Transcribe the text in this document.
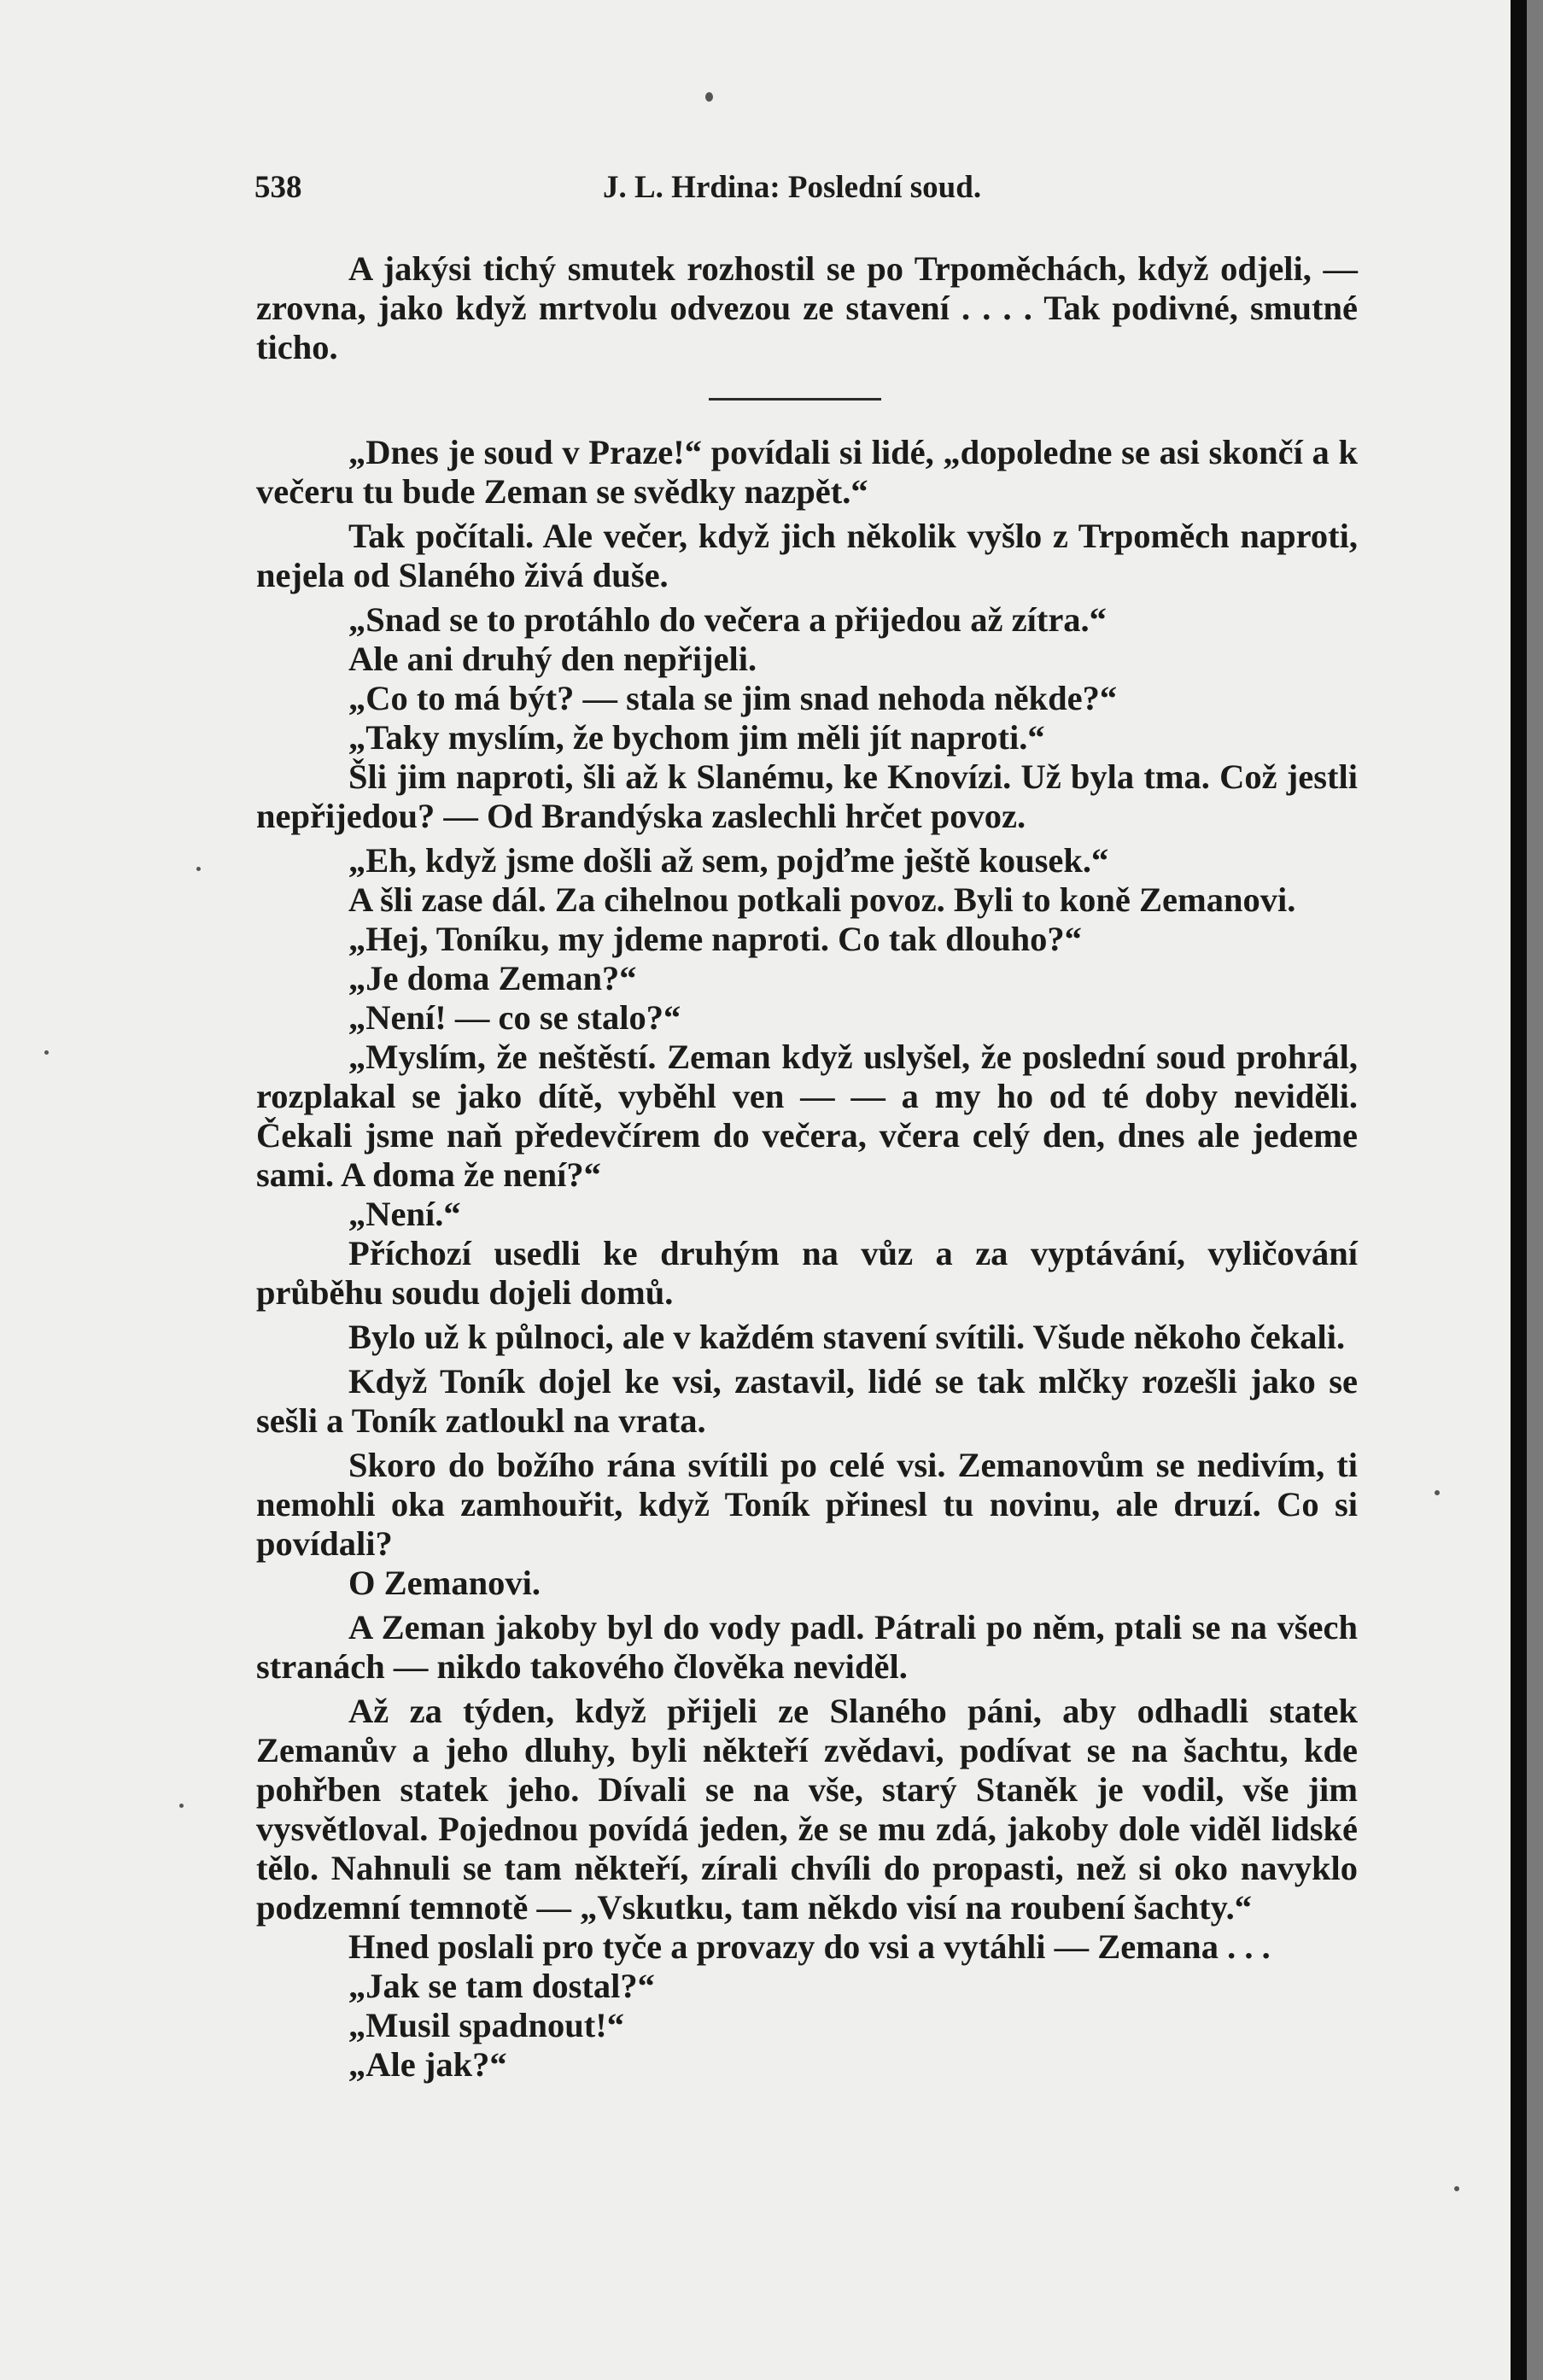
538	J. L. Hrdina: Poslední soud.

A jakýsi tichý smutek rozhostil se po Trpoměchách, když odjeli, — zrovna, jako když mrtvolu odvezou ze stavení . . . . Tak podivné, smutné ticho.

„Dnes je soud v Praze!“ povídali si lidé, „dopoledne se asi skončí a k večeru tu bude Zeman se svědky nazpět.“

Tak počítali. Ale večer, když jich několik vyšlo z Trpoměch naproti, nejela od Slaného živá duše.

„Snad se to protáhlo do večera a přijedou až zítra.“

Ale ani druhý den nepřijeli.

„Co to má být? — stala se jim snad nehoda někde?“

„Taky myslím, že bychom jim měli jít naproti.“

Šli jim naproti, šli až k Slanému, ke Knovízi. Už byla tma. Což jestli nepřijedou? — Od Brandýska zaslechli hrčet povoz.

„Eh, když jsme došli až sem, pojďme ještě kousek.“

A šli zase dál. Za cihelnou potkali povoz. Byli to koně Zemanovi.

„Hej, Toníku, my jdeme naproti. Co tak dlouho?“

„Je doma Zeman?“

„Není! — co se stalo?“

„Myslím, že neštěstí. Zeman když uslyšel, že poslední soud prohrál, rozplakal se jako dítě, vyběhl ven — — a my ho od té doby neviděli. Čekali jsme naň předevčírem do večera, včera celý den, dnes ale jedeme sami. A doma že není?“

„Není.“

Příchozí usedli ke druhým na vůz a za vyptávání, vyličování průběhu soudu dojeli domů.

Bylo už k půlnoci, ale v každém stavení svítili. Všude někoho čekali.

Když Toník dojel ke vsi, zastavil, lidé se tak mlčky rozešli jako se sešli a Toník zatloukl na vrata.

Skoro do božího rána svítili po celé vsi. Zemanovům se nedivím, ti nemohli oka zamhouřit, když Toník přinesl tu novinu, ale druzí. Co si povídali?

O Zemanovi.

A Zeman jakoby byl do vody padl. Pátrali po něm, ptali se na všech stranách — nikdo takového člověka neviděl.

Až za týden, když přijeli ze Slaného páni, aby odhadli statek Zemanův a jeho dluhy, byli někteří zvědavi, podívat se na šachtu, kde pohřben statek jeho. Dívali se na vše, starý Staněk je vodil, vše jim vysvětloval. Pojednou povídá jeden, že se mu zdá, jakoby dole viděl lidské tělo. Nahnuli se tam někteří, zírali chvíli do propasti, než si oko navyklo podzemní temnotě — „Vskutku, tam někdo visí na roubení šachty.“

Hned poslali pro tyče a provazy do vsi a vytáhli — Zemana . . .

„Jak se tam dostal?“

„Musil spadnout!“

„Ale jak?“
